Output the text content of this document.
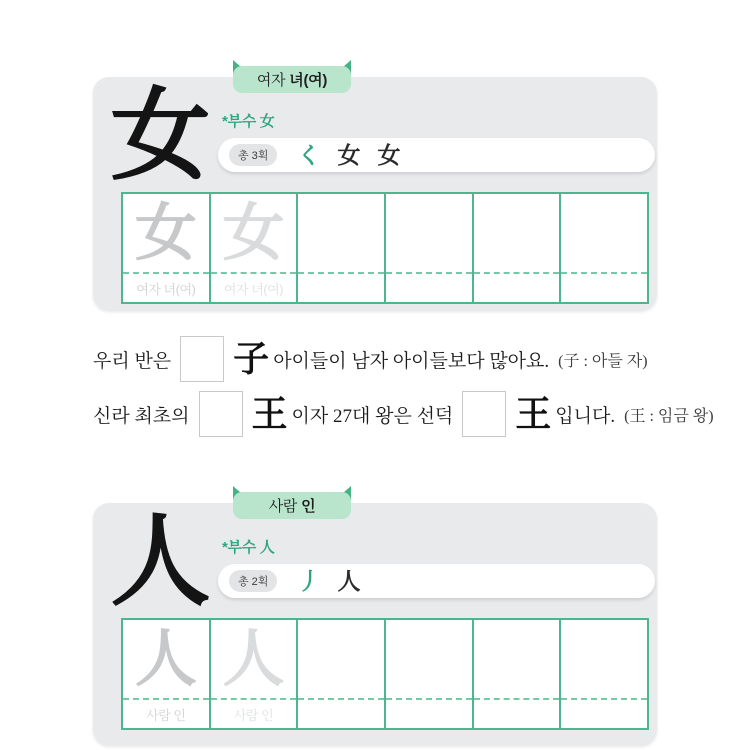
여자 녀(여)
女 *부수 女
총 3획	く 女 女
女
여자 녀(여)
女
여자 녀(여)
우리 반은 子 아이들이 남자 아이들보다 많아요. (子 : 아들 자)
신라 최초의 王 이자 27대 왕은 선덕 王 입니다. (王 : 임금 왕)
사람 인
人 *부수 人
총 2획	丿 人
人
사람 인
人
사람 인
